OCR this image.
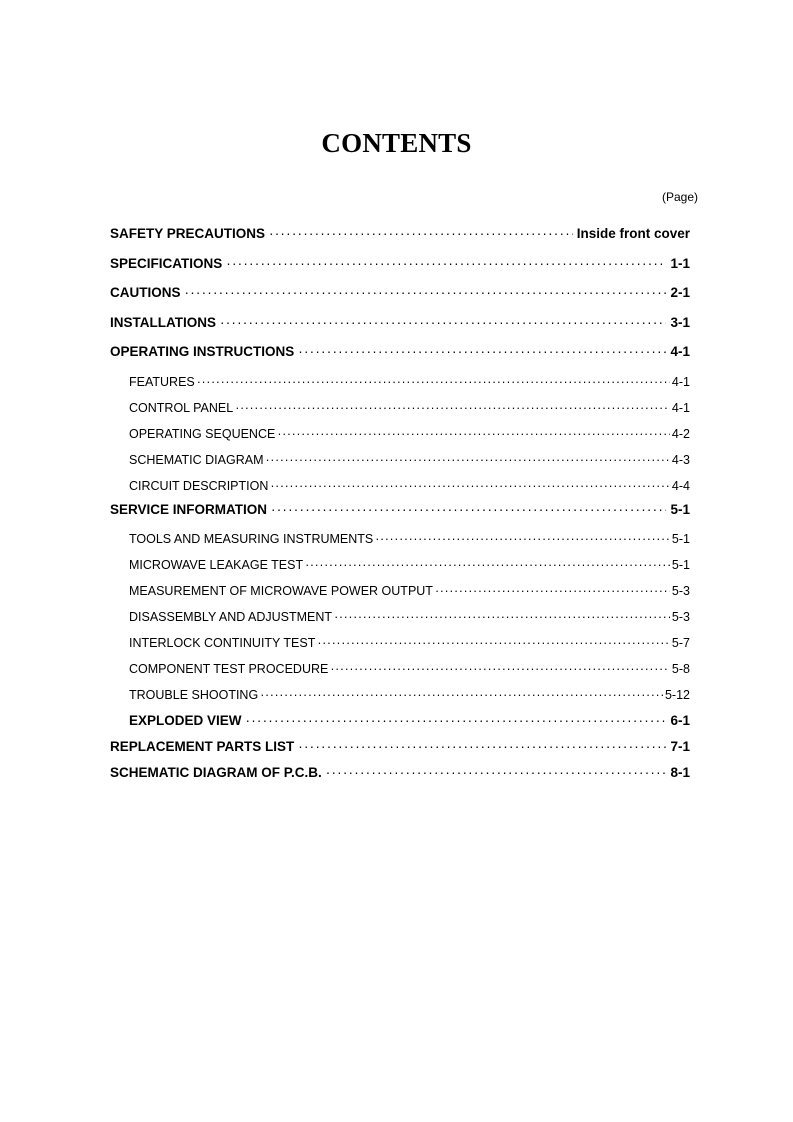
CONTENTS
(Page)
SAFETY PRECAUTIONS ·····	Inside front cover
SPECIFICATIONS ·····	1-1
CAUTIONS ·····	2-1
INSTALLATIONS ·····	3-1
OPERATING INSTRUCTIONS ·····	4-1
FEATURES ·····	4-1
CONTROL PANEL ·····	4-1
OPERATING SEQUENCE ·····	4-2
SCHEMATIC DIAGRAM ·····	4-3
CIRCUIT DESCRIPTION ·····	4-4
SERVICE INFORMATION ·····	5-1
TOOLS AND MEASURING INSTRUMENTS ·····	5-1
MICROWAVE LEAKAGE TEST ·····	5-1
MEASUREMENT OF MICROWAVE POWER OUTPUT ·····	5-3
DISASSEMBLY AND ADJUSTMENT ·····	5-3
INTERLOCK CONTINUITY TEST ·····	5-7
COMPONENT TEST PROCEDURE ·····	5-8
TROUBLE SHOOTING ·····	5-12
EXPLODED VIEW ·····	6-1
REPLACEMENT PARTS LIST ·····	7-1
SCHEMATIC DIAGRAM OF P.C.B. ·····	8-1
